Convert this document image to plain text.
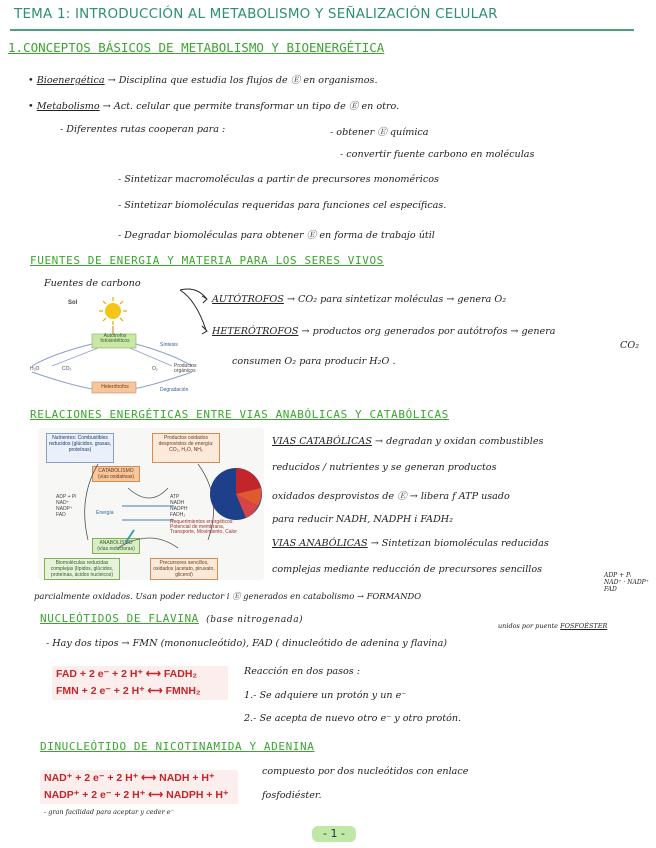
TEMA 1: INTRODUCCIÓN AL METABOLISMO Y SEÑALIZACIÓN CELULAR
1.CONCEPTOS BÁSICOS DE METABOLISMO Y BIOENERGÉTICA
• Bioenergética → Disciplina que estudia los flujos de Ⓔ en organismos.
• Metabolismo → Act. celular que permite transformar un tipo de Ⓔ en otro.
- Diferentes rutas cooperan para :	- obtener Ⓔ química
- convertir fuente carbono en moléculas
- Sintetizar macromoléculas a partir de precursores monoméricos
- Sintetizar biomoléculas requeridas para funciones cel específicas.
- Degradar biomoléculas para obtener Ⓔ en forma de trabajo útil
FUENTES DE ENERGIA Y MATERIA PARA LOS SERES VIVOS
Fuentes de carbono
AUTÓTROFOS → CO₂ para sintetizar moléculas → genera O₂
HETERÓTROFOS → productos org generados por autótrofos → genera
CO₂
consumen O₂ para producir H₂O .
Sol
Autótrofos fotosintéticos
Síntesis
H₂O	CO₂	O₂	Productos orgánicos
Heterótrofos	Degradación
RELACIONES ENERGÉTICAS ENTRE VIAS ANABÓLICAS Y CATABÓLICAS
Nutrientes: Combustibles reducidos (glúcidos, grasas, proteínas)
Productos oxidados desprovistos de energía: CO₂, H₂O, NH₃
CATABOLISMO (vías oxidativas)
ANABOLISMO (vías reductoras)
ADP + Pi
NAD⁺
NADP⁺
FAD
ATP
NADH
NADPH
FADH₂
Energía
Requerimientos energéticos: Potencial de membrana, Transporte, Movimiento, Calor
Biomoléculas reducidas complejas (lípidos, glúcidos, proteínas, ácidos nucleicos)
Precursores sencillos, oxidados (acetato, piruvato, glicerol)
VIAS CATABÓLICAS → degradan y oxidan combustibles
reducidos / nutrientes y se generan productos
oxidados desprovistos de Ⓔ → libera f ATP usado
para reducir NADH, NADPH i FADH₂
VIAS ANABÓLICAS → Sintetizan biomoléculas reducidas
complejas mediante reducción de precursores sencillos
parcialmente oxidados. Usan poder reductor i Ⓔ generados en catabolismo → FORMANDO
ADP + Pᵢ
NAD⁺ · NADP⁺
FAD
NUCLEÓTIDOS DE FLAVINA (base nitrogenada)
unidos por puente FOSFOÉSTER
- Hay dos tipos → FMN (mononucleótido), FAD ( dinucleótido de adenina y flavina)
FAD + 2 e⁻ + 2 H⁺ ⟷ FADH₂
FMN + 2 e⁻ + 2 H⁺ ⟷ FMNH₂
Reacción en dos pasos :
1.- Se adquiere un protón y un e⁻
2.- Se acepta de nuevo otro e⁻ y otro protón.
DINUCLEÓTIDO DE NICOTINAMIDA Y ADENINA
NAD⁺ + 2 e⁻ + 2 H⁺ ⟷ NADH + H⁺
NADP⁺ + 2 e⁻ + 2 H⁺ ⟷ NADPH + H⁺
- gran facilidad para aceptar y ceder e⁻
compuesto por dos nucleótidos con enlace
fosfodiéster.
- 1 -
